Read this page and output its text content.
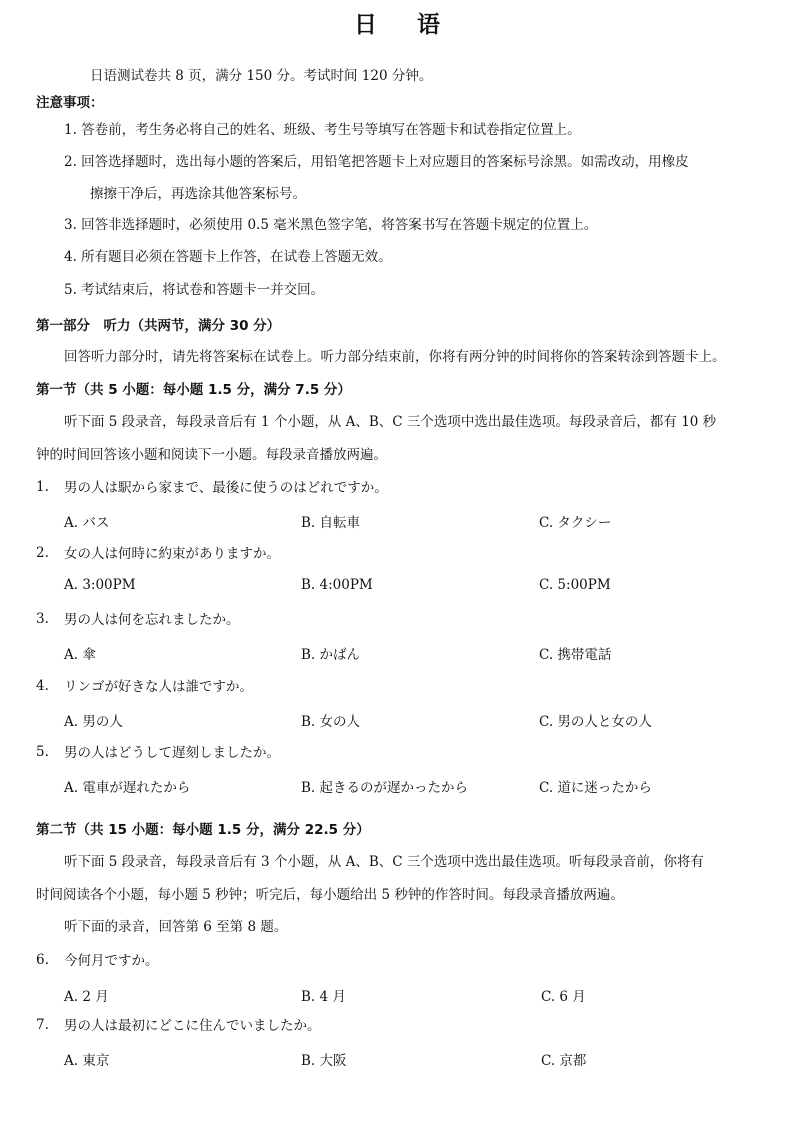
日 语
日语测试卷共 8 页，满分 150 分。考试时间 120 分钟。
注意事项：
1. 答卷前，考生务必将自己的姓名、班级、考生号等填写在答题卡和试卷指定位置上。
2. 回答选择题时，选出每小题的答案后，用铅笔把答题卡上对应题目的答案标号涂黑。如需改动，用橡皮
擦擦干净后，再选涂其他答案标号。
3. 回答非选择题时，必须使用 0.5 毫米黑色签字笔，将答案书写在答题卡规定的位置上。
4. 所有题目必须在答题卡上作答，在试卷上答题无效。
5. 考试结束后，将试卷和答题卡一并交回。
第一部分　听力（共两节，满分 30 分）
回答听力部分时，请先将答案标在试卷上。听力部分结束前，你将有两分钟的时间将你的答案转涂到答题卡上。
第一节（共 5 小题：每小题 1.5 分，满分 7.5 分）
听下面 5 段录音，每段录音后有 1 个小题，从 A、B、C 三个选项中选出最佳选项。每段录音后，都有 10 秒
钟的时间回答该小题和阅读下一小题。每段录音播放两遍。
1. 男の人は駅から家まで、最後に使うのはどれですか。
A. バス	B. 自転車	C. タクシー
2. 女の人は何時に約束がありますか。
A. 3:00PM	B. 4:00PM	C. 5:00PM
3. 男の人は何を忘れましたか。
A. 傘	B. かばん	C. 携帯電話
4. リンゴが好きな人は誰ですか。
A. 男の人	B. 女の人	C. 男の人と女の人
5. 男の人はどうして遅刻しましたか。
A. 電車が遅れたから	B. 起きるのが遅かったから	C. 道に迷ったから
第二节（共 15 小题：每小题 1.5 分，满分 22.5 分）
听下面 5 段录音，每段录音后有 3 个小题，从 A、B、C 三个选项中选出最佳选项。听每段录音前，你将有
时间阅读各个小题，每小题 5 秒钟；听完后，每小题给出 5 秒钟的作答时间。每段录音播放两遍。
听下面的录音，回答第 6 至第 8 题。
6. 今何月ですか。
A. 2 月	B. 4 月	C. 6 月
7. 男の人は最初にどこに住んでいましたか。
A. 東京	B. 大阪	C. 京都
